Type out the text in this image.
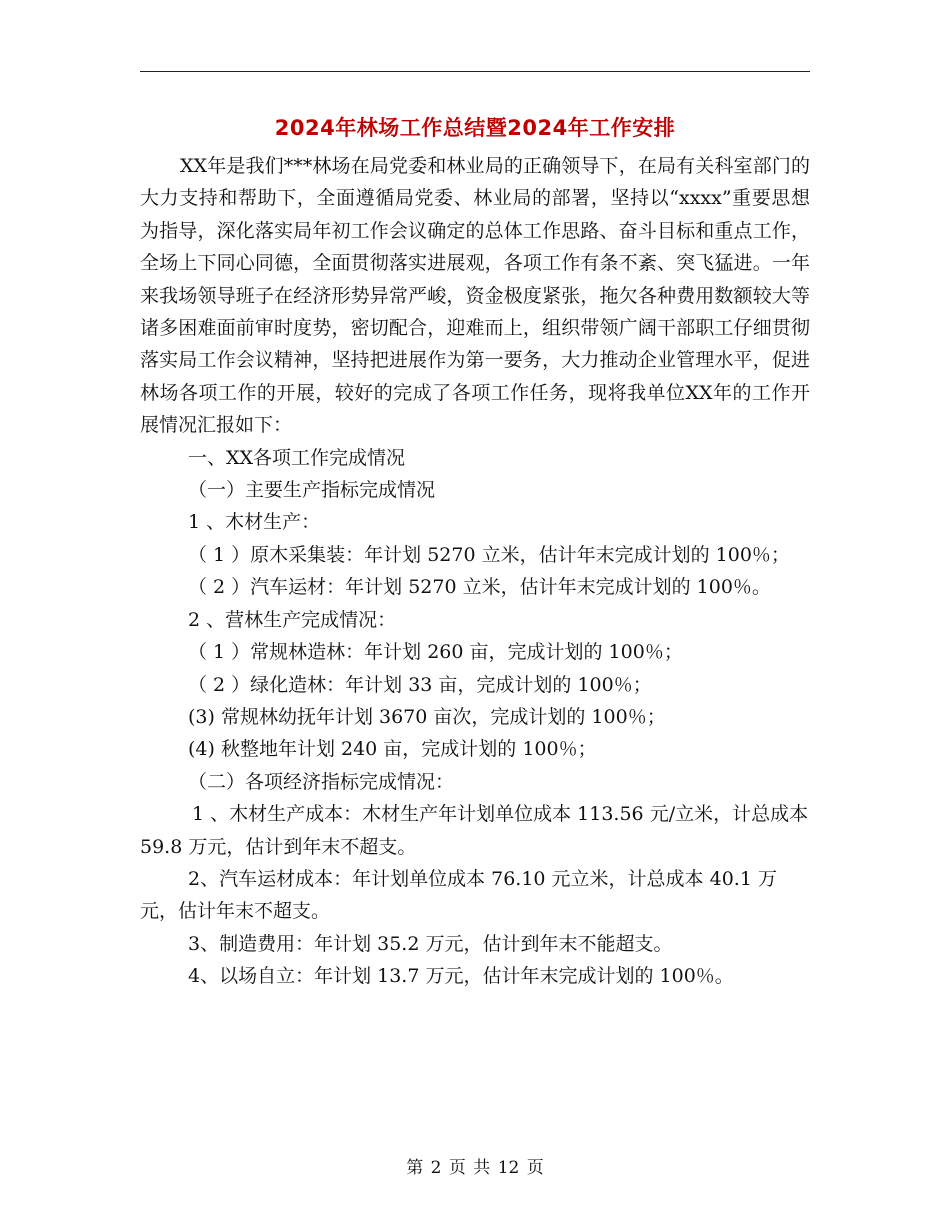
2024年林场工作总结暨2024年工作安排

XX年是我们***林场在局党委和林业局的正确领导下，在局有关科室部门的大力支持和帮助下，全面遵循局党委、林业局的部署，坚持以“xxxx”重要思想为指导，深化落实局年初工作会议确定的总体工作思路、奋斗目标和重点工作，全场上下同心同德，全面贯彻落实进展观，各项工作有条不紊、突飞猛进。一年来我场领导班子在经济形势异常严峻，资金极度紧张，拖欠各种费用数额较大等诸多困难面前审时度势，密切配合，迎难而上，组织带领广阔干部职工仔细贯彻落实局工作会议精神，坚持把进展作为第一要务，大力推动企业管理水平，促进林场各项工作的开展，较好的完成了各项工作任务，现将我单位XX年的工作开展情况汇报如下：

一、XX各项工作完成情况

（一）主要生产指标完成情况

1 、木材生产：

（ 1 ）原木采集装：年计划 5270 立米，估计年末完成计划的 100％；

（ 2 ）汽车运材：年计划 5270 立米，估计年末完成计划的 100％。

2 、营林生产完成情况：

（ 1 ）常规林造林：年计划 260 亩，完成计划的 100％；

（ 2 ）绿化造林：年计划 33 亩，完成计划的 100％；

(3) 常规林幼抚年计划 3670 亩次，完成计划的 100％；

(4) 秋整地年计划 240 亩，完成计划的 100％；

（二）各项经济指标完成情况：

1 、木材生产成本：木材生产年计划单位成本 113.56 元/立米，计总成本 59.8 万元，估计到年末不超支。

2、汽车运材成本：年计划单位成本 76.10 元立米，计总成本 40.1 万元，估计年末不超支。

3、制造费用：年计划 35.2 万元，估计到年末不能超支。

4、以场自立：年计划 13.7 万元，估计年末完成计划的 100％。

第 2 页 共 12 页
